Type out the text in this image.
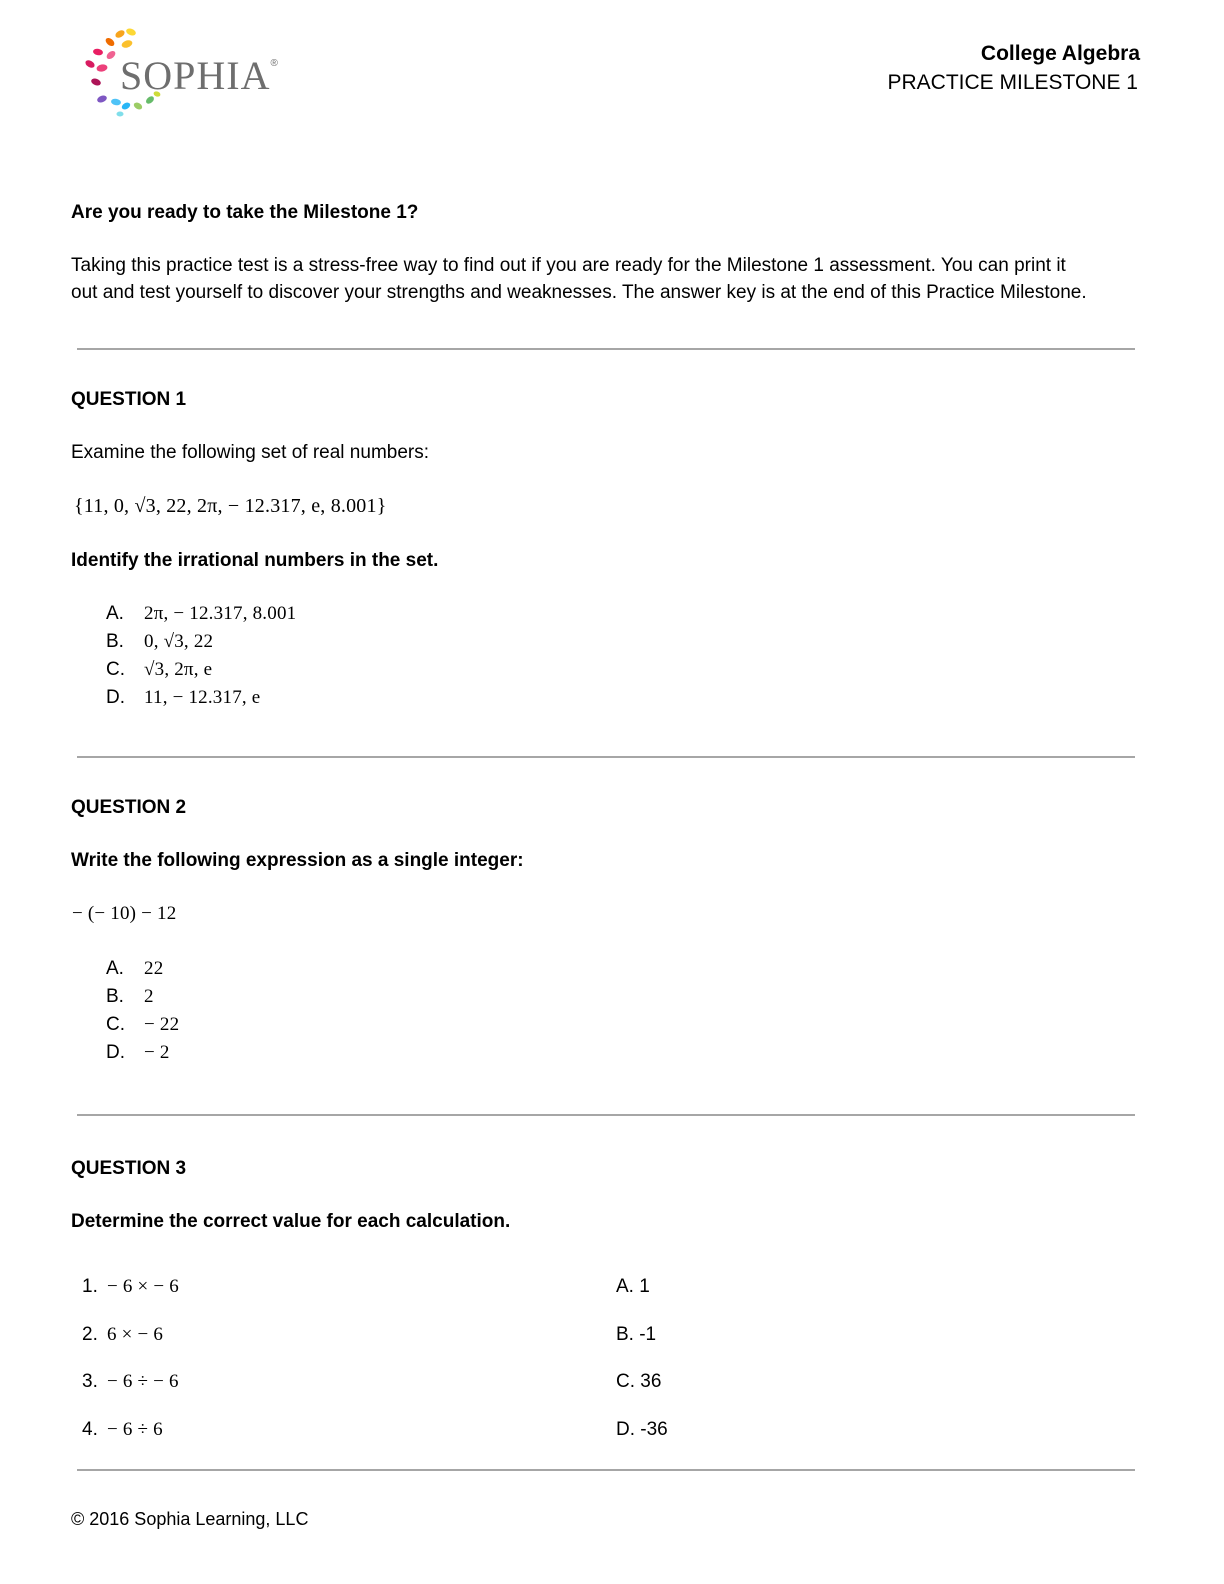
SOPHIA®	College Algebra
PRACTICE MILESTONE 1
Are you ready to take the Milestone 1?
Taking this practice test is a stress-free way to find out if you are ready for the Milestone 1 assessment. You can print it
out and test yourself to discover your strengths and weaknesses. The answer key is at the end of this Practice Milestone.
QUESTION 1
Examine the following set of real numbers:
{11, 0, √3, 22, 2π, − 12.317, e, 8.001}
Identify the irrational numbers in the set.
A. 2π, − 12.317, 8.001
B. 0, √3, 22
C. √3, 2π, e
D. 11, − 12.317, e
QUESTION 2
Write the following expression as a single integer:
− (− 10) − 12
A. 22
B. 2
C. − 22
D. − 2
QUESTION 3
Determine the correct value for each calculation.
1. − 6 × − 6
2. 6 × − 6
3. − 6 ÷ − 6
4. − 6 ÷ 6
A. 1
B. -1
C. 36
D. -36
© 2016 Sophia Learning, LLC
